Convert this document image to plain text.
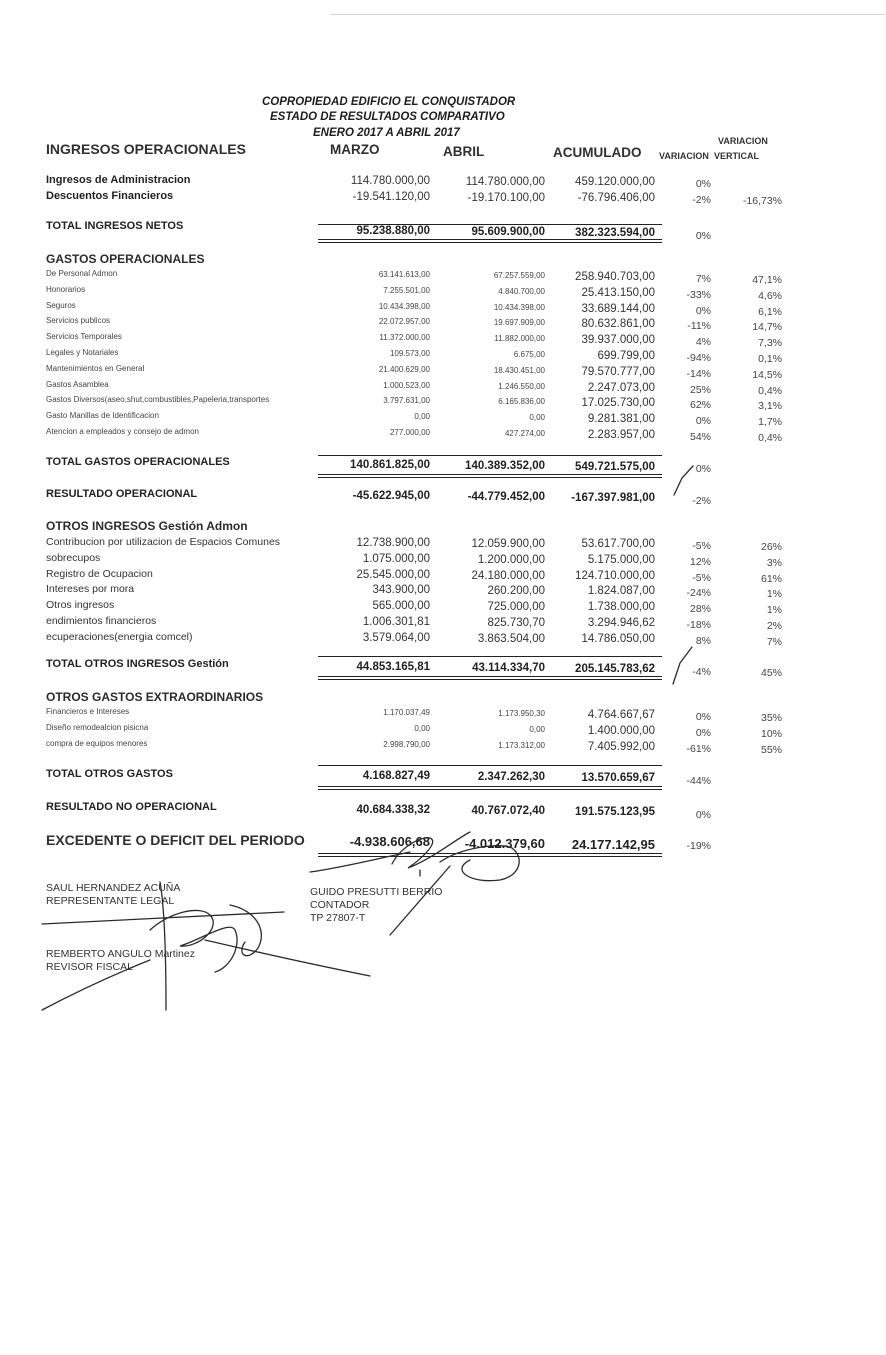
COPROPIEDAD EDIFICIO EL CONQUISTADOR
ESTADO DE RESULTADOS COMPARATIVO
ENERO 2017 A ABRIL 2017
INGRESOS OPERACIONALES	MARZO	ABRIL	ACUMULADO VARIACION
VARIACION
VERTICAL
Ingresos de Administracion	114.780.000,00	114.780.000,00	459.120.000,00	0%
Descuentos Financieros	-19.541.120,00	-19.170.100,00	-76.796.406,00	-2%	-16,73%
TOTAL INGRESOS NETOS	95.238.880,00	95.609.900,00	382.323.594,00	0%
GASTOS OPERACIONALES
De Personal Admon	63.141.613,00	67.257.559,00	258.940.703,00	7%	47,1%
Honorarios	7.255.501,00	4.840.700,00	25.413.150,00	-33%	4,6%
Seguros	10.434.398,00	10.434.398,00	33.689.144,00	0%	6,1%
Servicios publicos	22.072.957,00	19.697.909,00	80.632.861,00	-11%	14,7%
Servicios Temporales	11.372.000,00	11.882.000,00	39.937.000,00	4%	7,3%
Legales y Notariales	109.573,00	6.675,00	699.799,00	-94%	0,1%
Mantenimientos en General	21.400.629,00	18.430.451,00	79.570.777,00	-14%	14,5%
Gastos Asamblea	1.000.523,00	1.246.550,00	2.247.073,00	25%	0,4%
Gastos Diversos(aseo,shut,combustibles,Papeleria,transportes	3.797.631,00	6.165.836,00	17.025.730,00	62%	3,1%
Gasto Manillas de Identificacion	0,00	0,00	9.281.381,00	0%	1,7%
Atencion a empleados y consejo de admon	277.000,00	427.274,00	2.283.957,00	54%	0,4%
TOTAL GASTOS OPERACIONALES	140.861.825,00	140.389.352,00	549.721.575,00	0%
RESULTADO OPERACIONAL	-45.622.945,00	-44.779.452,00	-167.397.981,00	-2%
OTROS INGRESOS Gestión Admon
Contribucion por utilizacion de Espacios Comunes	12.738.900,00	12.059.900,00	53.617.700,00	-5%	26%
sobrecupos	1.075.000,00	1.200.000,00	5.175.000,00	12%	3%
Registro de Ocupacion	25.545.000,00	24.180.000,00	124.710.000,00	-5%	61%
Intereses por mora	343.900,00	260.200,00	1.824.087,00	-24%	1%
Otros ingresos	565.000,00	725.000,00	1.738.000,00	28%	1%
endimientos financieros	1.006.301,81	825.730,70	3.294.946,62	-18%	2%
ecuperaciones(energia comcel)	3.579.064,00	3.863.504,00	14.786.050,00	8%	7%
TOTAL OTROS INGRESOS Gestión	44.853.165,81	43.114.334,70	205.145.783,62	-4%	45%
OTROS GASTOS EXTRAORDINARIOS
Financieros e Intereses	1.170.037,49	1.173.950,30	4.764.667,67	0%	35%
Diseño remodealcion pisicna	0,00	0,00	1.400.000,00	0%	10%
compra de equipos menores	2.998.790,00	1.173.312,00	7.405.992,00	-61%	55%
TOTAL OTROS GASTOS	4.168.827,49	2.347.262,30	13.570.659,67	-44%
RESULTADO NO OPERACIONAL	40.684.338,32	40.767.072,40	191.575.123,95	0%
EXCEDENTE O DEFICIT DEL PERIODO	-4.938.606,68	-4.012.379,60	24.177.142,95	-19%
SAUL HERNANDEZ ACUÑA
REPRESENTANTE LEGAL
REMBERTO ANGULO Martinez
REVISOR FISCAL
GUIDO PRESUTTI BERRIO
CONTADOR
TP 27807-T
